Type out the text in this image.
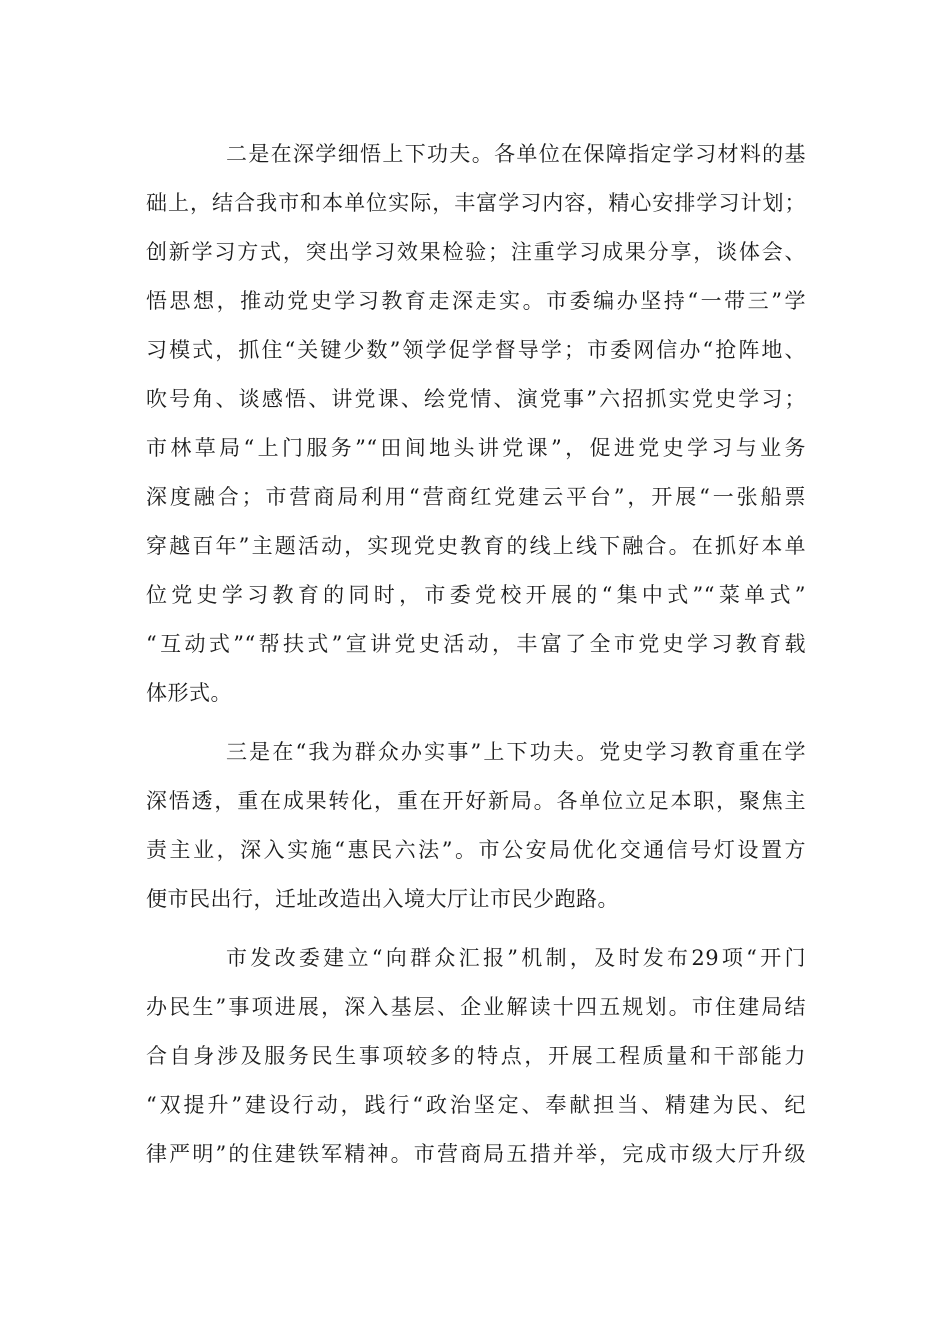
二是在深学细悟上下功夫。各单位在保障指定学习材料的基
础上，结合我市和本单位实际，丰富学习内容，精心安排学习计划；
创新学习方式，突出学习效果检验；注重学习成果分享，谈体会、
悟思想，推动党史学习教育走深走实。市委编办坚持“一带三”学
习模式，抓住“关键少数”领学促学督导学；市委网信办“抢阵地、
吹号角、谈感悟、讲党课、绘党情、演党事”六招抓实党史学习；
市林草局“上门服务”“田间地头讲党课”，促进党史学习与业务
深度融合；市营商局利用“营商红党建云平台”，开展“一张船票
穿越百年”主题活动，实现党史教育的线上线下融合。在抓好本单
位党史学习教育的同时，市委党校开展的“集中式”“菜单式”
“互动式”“帮扶式”宣讲党史活动，丰富了全市党史学习教育载
体形式。
三是在“我为群众办实事”上下功夫。党史学习教育重在学
深悟透，重在成果转化，重在开好新局。各单位立足本职，聚焦主
责主业，深入实施“惠民六法”。市公安局优化交通信号灯设置方
便市民出行，迁址改造出入境大厅让市民少跑路。
市发改委建立“向群众汇报”机制，及时发布29项“开门
办民生”事项进展，深入基层、企业解读十四五规划。市住建局结
合自身涉及服务民生事项较多的特点，开展工程质量和干部能力
“双提升”建设行动，践行“政治坚定、奉献担当、精建为民、纪
律严明”的住建铁军精神。市营商局五措并举，完成市级大厅升级
